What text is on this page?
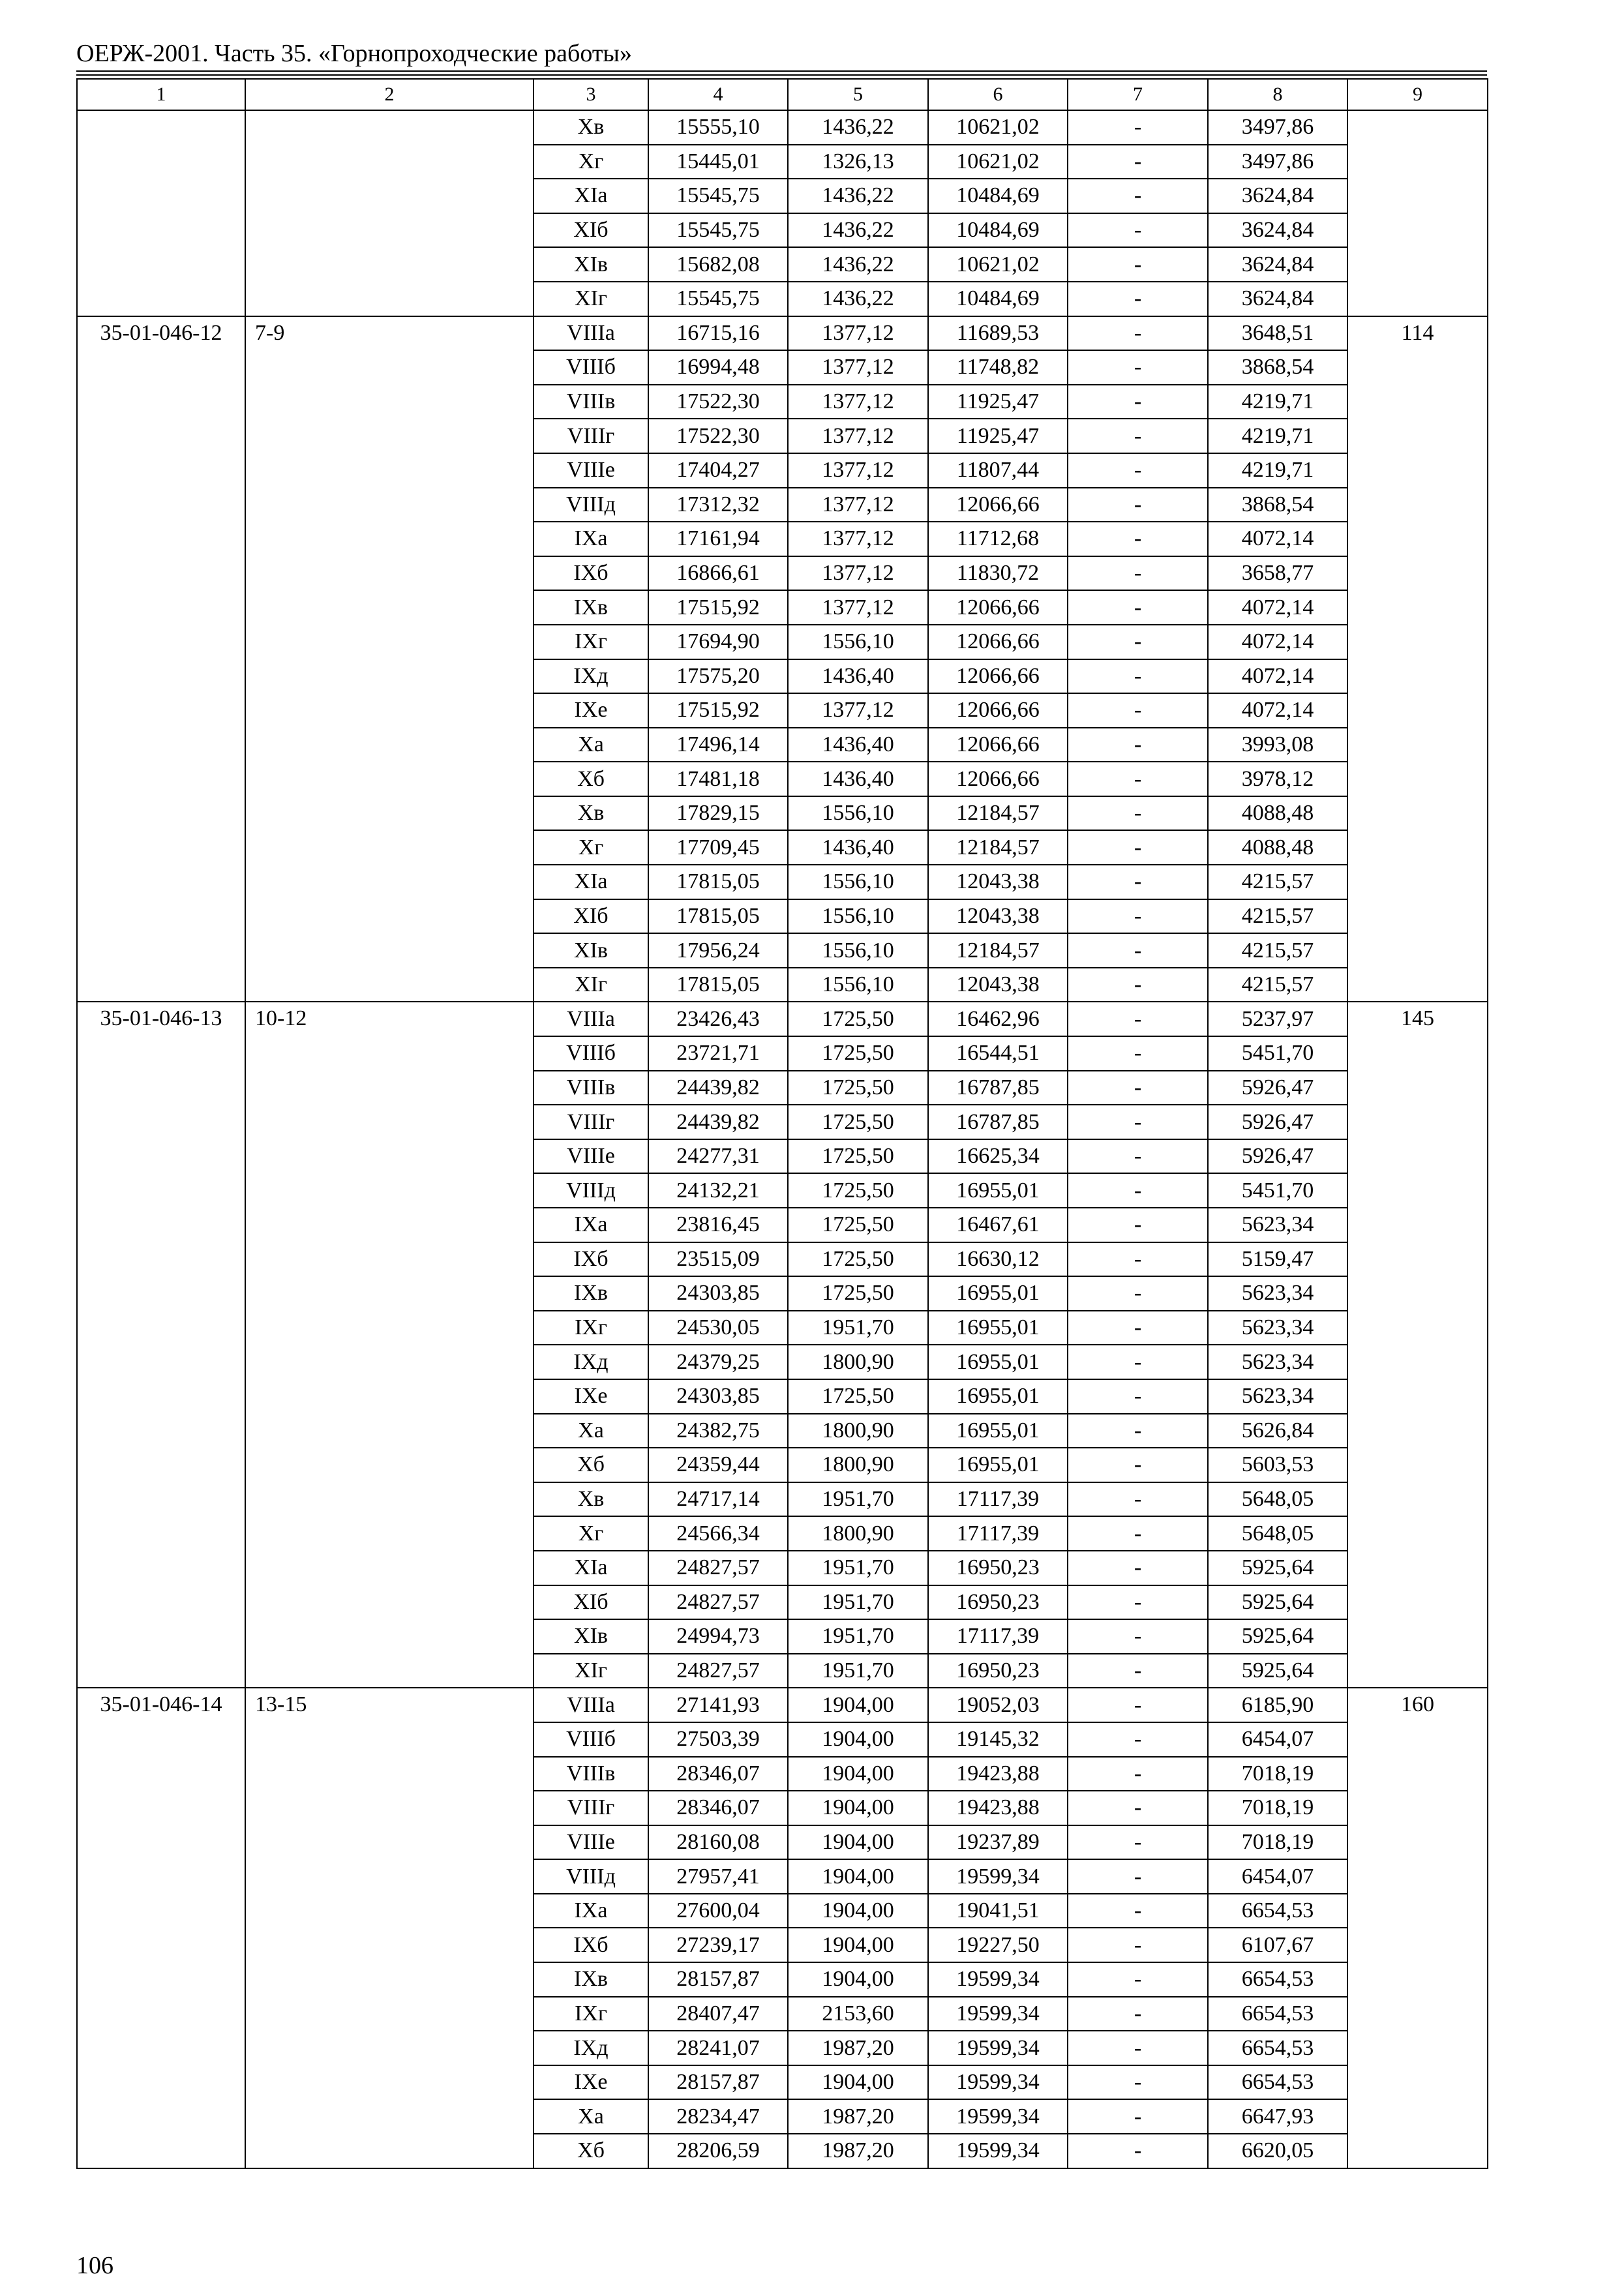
ОЕРЖ-2001. Часть 35. «Горнопроходческие работы»
1	2	3	4	5	6	7	8	9
		Хв	15555,10	1436,22	10621,02	-	3497,86	
		Хг	15445,01	1326,13	10621,02	-	3497,86	
		ХIа	15545,75	1436,22	10484,69	-	3624,84	
		ХIб	15545,75	1436,22	10484,69	-	3624,84	
		ХIв	15682,08	1436,22	10621,02	-	3624,84	
		ХIг	15545,75	1436,22	10484,69	-	3624,84	
35-01-046-12	7-9	VIIIа	16715,16	1377,12	11689,53	-	3648,51	114
		VIIIб	16994,48	1377,12	11748,82	-	3868,54	
		VIIIв	17522,30	1377,12	11925,47	-	4219,71	
		VIIIг	17522,30	1377,12	11925,47	-	4219,71	
		VIIIе	17404,27	1377,12	11807,44	-	4219,71	
		VIIIд	17312,32	1377,12	12066,66	-	3868,54	
		IХа	17161,94	1377,12	11712,68	-	4072,14	
		IХб	16866,61	1377,12	11830,72	-	3658,77	
		IХв	17515,92	1377,12	12066,66	-	4072,14	
		IХг	17694,90	1556,10	12066,66	-	4072,14	
		IХд	17575,20	1436,40	12066,66	-	4072,14	
		IХе	17515,92	1377,12	12066,66	-	4072,14	
		Ха	17496,14	1436,40	12066,66	-	3993,08	
		Хб	17481,18	1436,40	12066,66	-	3978,12	
		Хв	17829,15	1556,10	12184,57	-	4088,48	
		Хг	17709,45	1436,40	12184,57	-	4088,48	
		ХIа	17815,05	1556,10	12043,38	-	4215,57	
		ХIб	17815,05	1556,10	12043,38	-	4215,57	
		ХIв	17956,24	1556,10	12184,57	-	4215,57	
		ХIг	17815,05	1556,10	12043,38	-	4215,57	
35-01-046-13	10-12	VIIIа	23426,43	1725,50	16462,96	-	5237,97	145
		VIIIб	23721,71	1725,50	16544,51	-	5451,70	
		VIIIв	24439,82	1725,50	16787,85	-	5926,47	
		VIIIг	24439,82	1725,50	16787,85	-	5926,47	
		VIIIе	24277,31	1725,50	16625,34	-	5926,47	
		VIIIд	24132,21	1725,50	16955,01	-	5451,70	
		IХа	23816,45	1725,50	16467,61	-	5623,34	
		IХб	23515,09	1725,50	16630,12	-	5159,47	
		IХв	24303,85	1725,50	16955,01	-	5623,34	
		IХг	24530,05	1951,70	16955,01	-	5623,34	
		IХд	24379,25	1800,90	16955,01	-	5623,34	
		IХе	24303,85	1725,50	16955,01	-	5623,34	
		Ха	24382,75	1800,90	16955,01	-	5626,84	
		Хб	24359,44	1800,90	16955,01	-	5603,53	
		Хв	24717,14	1951,70	17117,39	-	5648,05	
		Хг	24566,34	1800,90	17117,39	-	5648,05	
		ХIа	24827,57	1951,70	16950,23	-	5925,64	
		ХIб	24827,57	1951,70	16950,23	-	5925,64	
		ХIв	24994,73	1951,70	17117,39	-	5925,64	
		ХIг	24827,57	1951,70	16950,23	-	5925,64	
35-01-046-14	13-15	VIIIа	27141,93	1904,00	19052,03	-	6185,90	160
		VIIIб	27503,39	1904,00	19145,32	-	6454,07	
		VIIIв	28346,07	1904,00	19423,88	-	7018,19	
		VIIIг	28346,07	1904,00	19423,88	-	7018,19	
		VIIIе	28160,08	1904,00	19237,89	-	7018,19	
		VIIIд	27957,41	1904,00	19599,34	-	6454,07	
		IХа	27600,04	1904,00	19041,51	-	6654,53	
		IХб	27239,17	1904,00	19227,50	-	6107,67	
		IХв	28157,87	1904,00	19599,34	-	6654,53	
		IХг	28407,47	2153,60	19599,34	-	6654,53	
		IХд	28241,07	1987,20	19599,34	-	6654,53	
		IХе	28157,87	1904,00	19599,34	-	6654,53	
		Ха	28234,47	1987,20	19599,34	-	6647,93	
		Хб	28206,59	1987,20	19599,34	-	6620,05	
106
